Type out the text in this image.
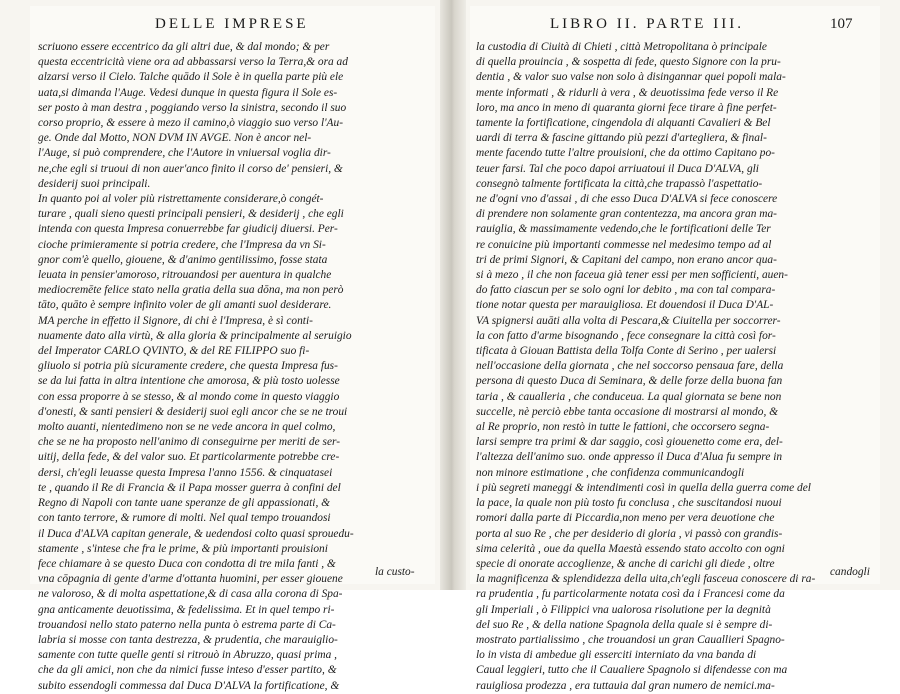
DELLE IMPRESE
scriuono essere eccentrico da gli altri due, & dal mondo; & per
questa eccentricità viene ora ad abbassarsi verso la Terra,& ora ad
alzarsi verso il Cielo. Talche quādo il Sole è in quella parte più ele
uata,si dimanda l'Auge. Vedesi dunque in questa figura il Sole es-
ser posto à man destra , poggiando verso la sinistra, secondo il suo
corso proprio, & essere à mezo il camino,ò viaggio suo verso l'Au-
ge. Onde dal Motto, NON DVM IN AVGE. Non è ancor nel-
l'Auge, si può comprendere, che l'Autore in vniuersal voglia dir-
ne,che egli si truoui di non auer'anco finito il corso de' pensieri, &
desiderij suoi principali.
In quanto poi al voler più ristrettamente considerare,ò congét-
turare , quali sieno questi principali pensieri, & desiderij , che egli
intenda con questa Impresa conuerrebbe far giudicij diuersi. Per-
cioche primieramente si potria credere, che l'Impresa da vn Si-
gnor com'è quello, giouene, & d'animo gentilissimo, fosse stata
leuata in pensier'amoroso, ritrouandosi per auentura in qualche
mediocremēte felice stato nella gratia della sua dōna, ma non però
tāto, quāto è sempre infinito voler de gli amanti suol desiderare.
MA perche in effetto il Signore, di chi è l'Impresa, è sì conti-
nuamente dato alla virtù, & alla gloria & principalmente al seruigio
del Imperator CARLO QVINTO, & del RE FILIPPO suo fi-
gliuolo si potria più sicuramente credere, che questa Impresa fus-
se da lui fatta in altra intentione che amorosa, & più tosto uolesse
con essa proporre à se stesso, & al mondo come in questo viaggio
d'onesti, & santi pensieri & desiderij suoi egli ancor che se ne troui
molto auanti, nientedimeno non se ne vede ancora in quel colmo,
che se ne ha proposto nell'animo di conseguirne per meriti de ser-
uitij, della fede, & del valor suo. Et particolarmente potrebbe cre-
dersi, ch'egli leuasse questa Impresa l'anno 1556. & cinquatasei
te , quando il Re di Francia & il Papa mosser guerra à confini del
Regno di Napoli con tante uane speranze de gli appassionati, &
con tanto terrore, & rumore di molti. Nel qual tempo trouandosi
il Duca d'ALVA capitan generale, & uedendosi colto quasi sprouedu-
stamente , s'intese che fra le prime, & più importanti prouisioni
fece chiamare à se questo Duca con condotta di tre mila fanti , &
vna cōpagnia di gente d'arme d'ottanta huomini, per esser giouene
ne valoroso, & di molta aspettatione,& di casa alla corona di Spa-
gna anticamente deuotissima, & fedelissima. Et in quel tempo ri-
trouandosi nello stato paterno nella punta ò estrema parte di Ca-
labria si mosse con tanta destrezza, & prudentia, che marauiglio-
samente con tutte quelle genti si ritrouò in Abruzzo, quasi prima ,
che da gli amici, non che da nimici fusse inteso d'esser partito, &
subito essendogli commessa dal Duca D'ALVA la fortificatione, &
la custo-
LIBRO II. PARTE III.	107
la custodia di Ciuità di Chieti , città Metropolitana ò principale
di quella prouincia , & sospetta di fede, questo Signore con la pru-
dentia , & valor suo valse non solo à disingannar quei popoli mala-
mente informati , & ridurli à vera , & deuotissima fede verso il Re
loro, ma anco in meno di quaranta giorni fece tirare à fine perfet-
tamente la fortificatione, cingendola di alquanti Cavalieri & Bel
uardi di terra & fascine gittando più pezzi d'artegliera, & final-
mente facendo tutte l'altre prouisioni, che da ottimo Capitano po-
teuer farsi. Tal che poco dapoi arriuatoui il Duca D'ALVA, gli
consegnò talmente fortificata la città,che trapassò l'aspettatio-
ne d'ogni vno d'assai , di che esso Duca D'ALVA si fece conoscere
di prendere non solamente gran contentezza, ma ancora gran ma-
rauiglia, & massimamente vedendo,che le fortificationi delle Ter
re conuicine più importanti commesse nel medesimo tempo ad al
tri de primi Signori, & Capitani del campo, non erano ancor qua-
si à mezo , il che non faceua già tener essi per men sofficienti, auen-
do fatto ciascun per se solo ogni lor debito , ma con tal compara-
tione notar questa per marauigliosa. Et douendosi il Duca D'AL-
VA spignersi auāti alla volta di Pescara,& Ciuitella per soccorrer-
la con fatto d'arme bisognando , fece consegnare la città così for-
tificata à Giouan Battista della Tolfa Conte di Serino , per ualersi
nell'occasione della giornata , che nel soccorso pensaua fare, della
persona di questo Duca di Seminara, & delle forze della buona fan
taria , & caualleria , che conduceua. La qual giornata se bene non
succelle, nè perciò ebbe tanta occasione di mostrarsi al mondo, &
al Re proprio, non restò in tutte le fattioni, che occorsero segna-
larsi sempre tra primi & dar saggio, così giouenetto come era, del-
l'altezza dell'animo suo. onde appresso il Duca d'Alua fu sempre in
non minore estimatione , che confidenza communicandogli
i più segreti maneggi & intendimenti così in quella della guerra come del
la pace, la quale non più tosto fu conclusa , che suscitandosi nuoui
romori dalla parte di Piccardia,non meno per vera deuotione che
porta al suo Re , che per desiderio di gloria , vi passò con grandis-
sima celerità , oue da quella Maestà essendo stato accolto con ogni
specie di onorate accoglienze, & anche di carichi gli diede , oltre
la magnificenza & splendidezza della uita,ch'egli fasceua conoscere di ra-
ra prudentia , fu particolarmente notata così da i Francesi come da
gli Imperiali , ò Filippici vna ualorosa risolutione per la degnità
del suo Re , & della natione Spagnola della quale si è sempre di-
mostrato partialissimo , che trouandosi un gran Cauallieri Spagno-
lo in vista di ambedue gli esserciti interniato da vna banda di
Caual leggieri, tutto che il Caualiere Spagnolo si difendesse con ma
rauigliosa prodezza , era tuttauia dal gran numero de nemici.ma-
candogli
